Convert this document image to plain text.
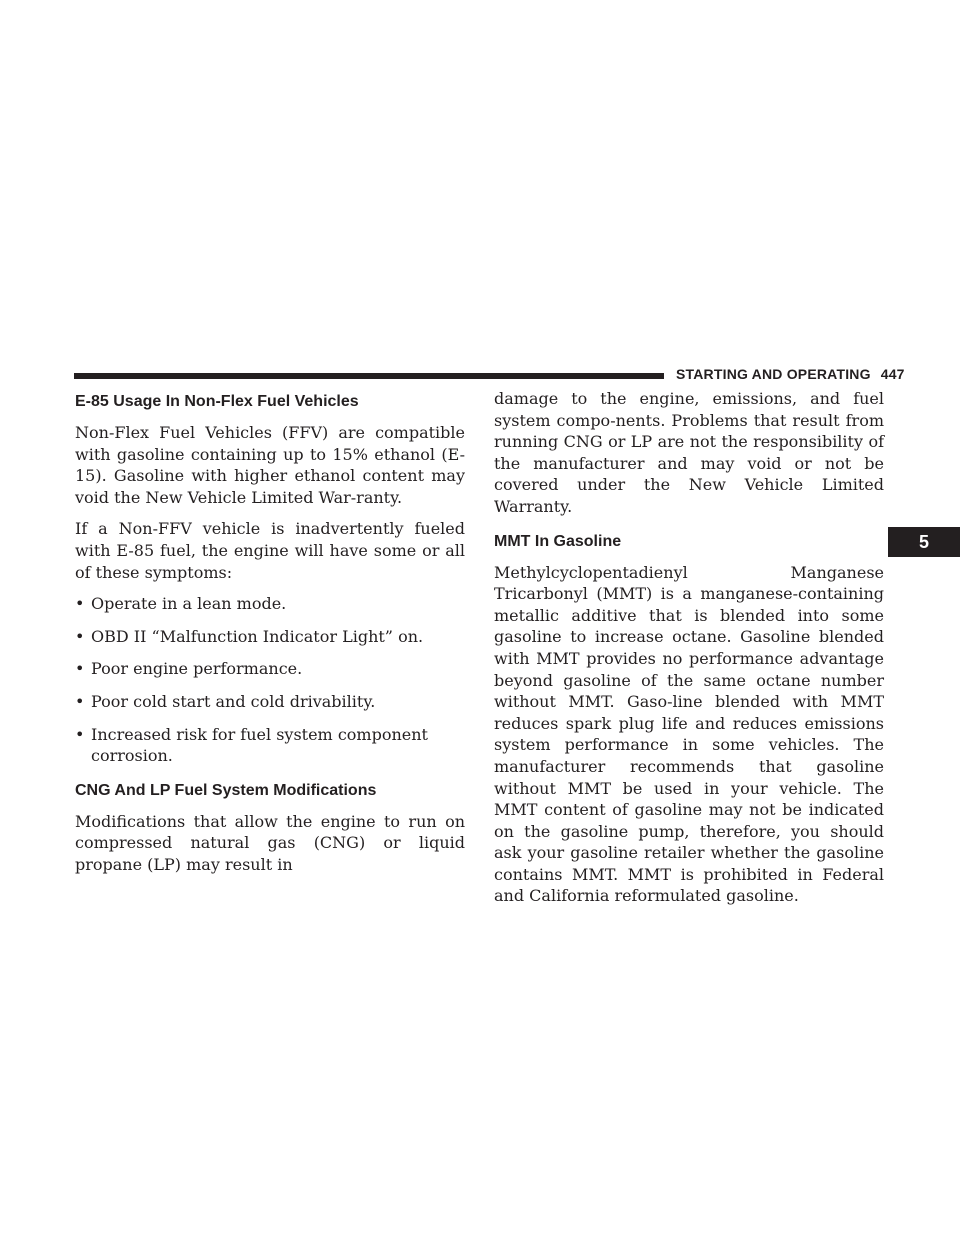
STARTING AND OPERATING 447
5
E-85 Usage In Non-Flex Fuel Vehicles

Non-Flex Fuel Vehicles (FFV) are compatible with gasoline containing up to 15% ethanol (E-15). Gasoline with higher ethanol content may void the New Vehicle Limited War-ranty.

If a Non-FFV vehicle is inadvertently fueled with E-85 fuel, the engine will have some or all of these symptoms:

• Operate in a lean mode.
• OBD II “Malfunction Indicator Light” on.
• Poor engine performance.
• Poor cold start and cold drivability.
• Increased risk for fuel system component corrosion.
CNG And LP Fuel System Modifications

Modifications that allow the engine to run on compressed natural gas (CNG) or liquid propane (LP) may result in

damage to the engine, emissions, and fuel system compo-nents. Problems that result from running CNG or LP are not the responsibility of the manufacturer and may void or not be covered under the New Vehicle Limited Warranty.

MMT In Gasoline

Methylcyclopentadienyl Manganese Tricarbonyl (MMT) is a manganese-containing metallic additive that is blended into some gasoline to increase octane. Gasoline blended with MMT provides no performance advantage beyond gasoline of the same octane number without MMT. Gaso-line blended with MMT reduces spark plug life and reduces emissions system performance in some vehicles. The manufacturer recommends that gasoline without MMT be used in your vehicle. The MMT content of gasoline may not be indicated on the gasoline pump, therefore, you should ask your gasoline retailer whether the gasoline contains MMT. MMT is prohibited in Federal and California reformulated gasoline.
